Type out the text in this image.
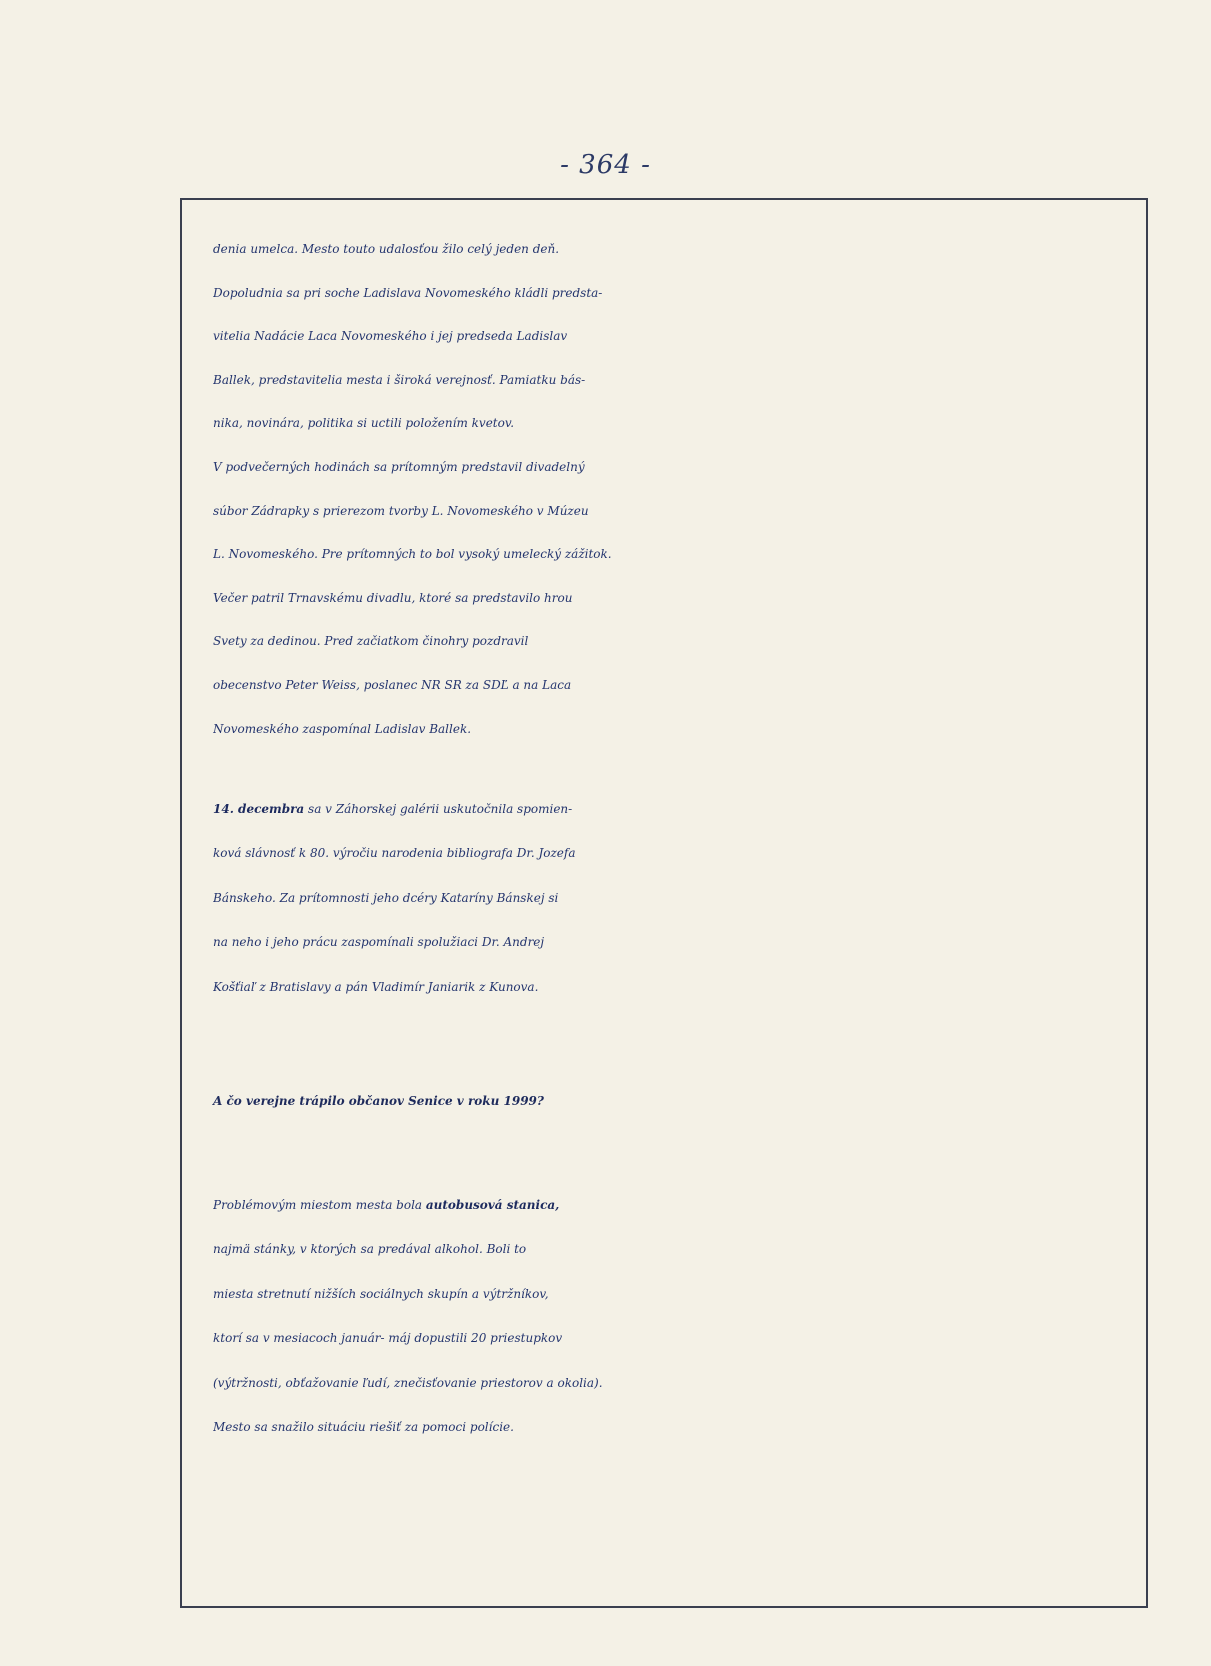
- 364 -
denia umelca. Mesto touto udalosťou žilo celý jeden deň.
Dopoludnia sa pri soche Ladislava Novomeského kládli predsta-
vitelia Nadácie Laca Novomeského i jej predseda Ladislav
Ballek, predstavitelia mesta i široká verejnosť. Pamiatku bás-
nika, novinára, politika si uctili položením kvetov.
V podvečerných hodinách sa prítomným predstavil divadelný
súbor Zádrapky s prierezom tvorby L. Novomeského v Múzeu
L. Novomeského. Pre prítomných to bol vysoký umelecký zážitok.
Večer patril Trnavskému divadlu, ktoré sa predstavilo hrou
Svety za dedinou. Pred začiatkom činohry pozdravil
obecenstvo Peter Weiss, poslanec NR SR za SDĽ a na Laca
Novomeského zaspomínal Ladislav Ballek.
14. decembra sa v Záhorskej galérii uskutočnila spomien-
ková slávnosť k 80. výročiu narodenia bibliografa Dr. Jozefa
Bánskeho. Za prítomnosti jeho dcéry Kataríny Bánskej si
na neho i jeho prácu zaspomínali spolužiaci Dr. Andrej
Košťiaľ z Bratislavy a pán Vladimír Janiarik z Kunova.
A čo verejne trápilo občanov Senice v roku 1999?
Problémovým miestom mesta bola autobusová stanica,
najmä stánky, v ktorých sa predával alkohol. Boli to
miesta stretnutí nižších sociálnych skupín a výtržníkov,
ktorí sa v mesiacoch január- máj dopustili 20 priestupkov
(výtržnosti, obťažovanie ľudí, znečisťovanie priestorov a okolia).
Mesto sa snažilo situáciu riešiť za pomoci polície.
